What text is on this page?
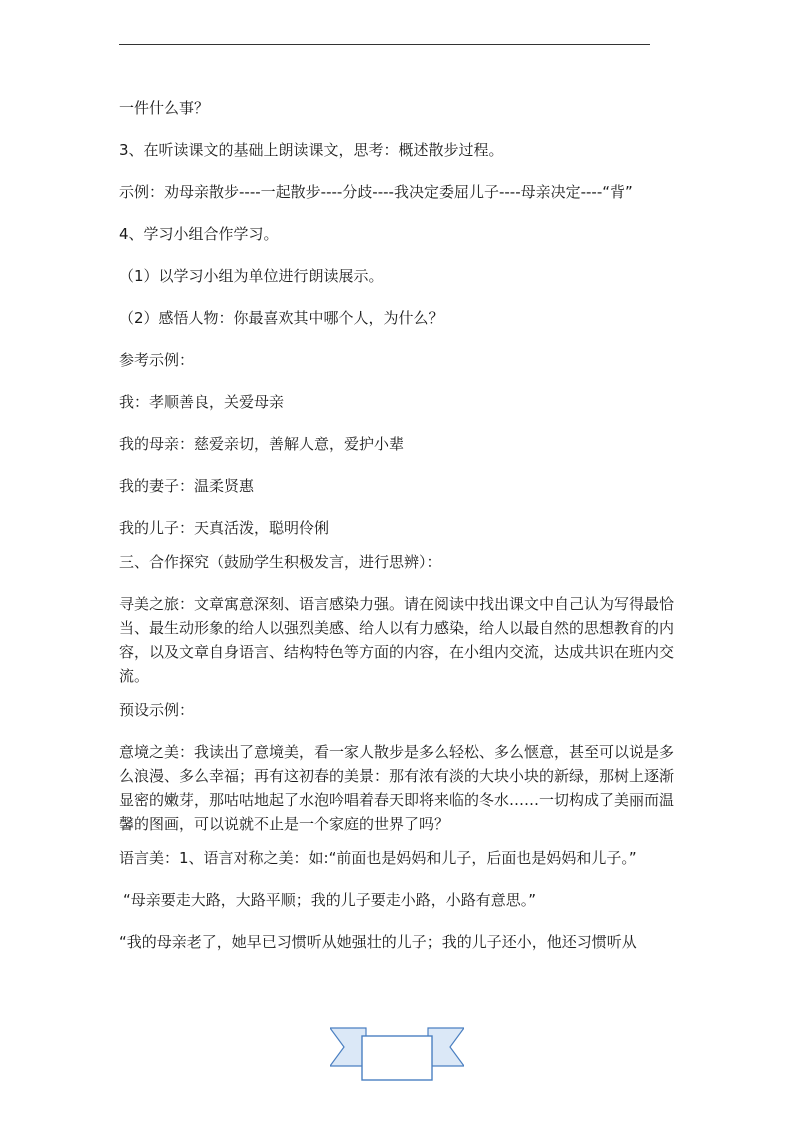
一件什么事？

3、在听读课文的基础上朗读课文，思考：概述散步过程。

示例：劝母亲散步----一起散步----分歧----我决定委屈儿子----母亲决定----“背”

4、学习小组合作学习。

（1）以学习小组为单位进行朗读展示。

（2）感悟人物：你最喜欢其中哪个人，为什么？

参考示例：

我：孝顺善良，关爱母亲

我的母亲：慈爱亲切，善解人意，爱护小辈

我的妻子：温柔贤惠

我的儿子：天真活泼，聪明伶俐

三、合作探究（鼓励学生积极发言，进行思辨）：

寻美之旅：文章寓意深刻、语言感染力强。请在阅读中找出课文中自己认为写得最恰当、最生动形象的给人以强烈美感、给人以有力感染，给人以最自然的思想教育的内容，以及文章自身语言、结构特色等方面的内容，在小组内交流，达成共识在班内交流。

预设示例：

意境之美：我读出了意境美，看一家人散步是多么轻松、多么惬意，甚至可以说是多么浪漫、多么幸福；再有这初春的美景：那有浓有淡的大块小块的新绿，那树上逐渐显密的嫩芽，那咕咕地起了水泡吟唱着春天即将来临的冬水……一切构成了美丽而温馨的图画，可以说就不止是一个家庭的世界了吗？

语言美：1、语言对称之美：如:“前面也是妈妈和儿子，后面也是妈妈和儿子。”

“母亲要走大路，大路平顺；我的儿子要走小路，小路有意思。”

“我的母亲老了，她早已习惯听从她强壮的儿子；我的儿子还小，他还习惯听从
